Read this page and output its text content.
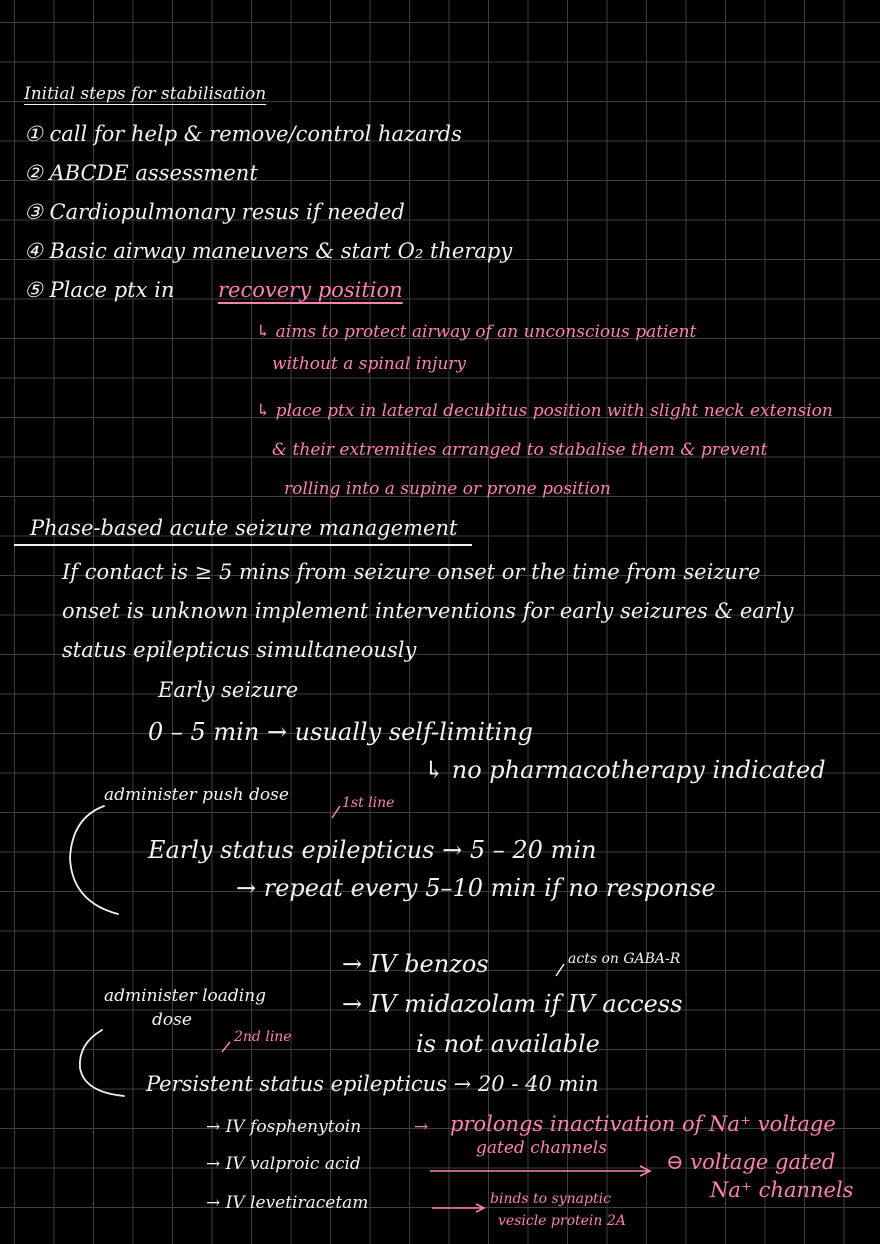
Initial steps for stabilisation
① call for help & remove/control hazards
② ABCDE assessment
③ Cardiopulmonary resus if needed
④ Basic airway maneuvers & start O₂ therapy
⑤ Place ptx in recovery position
↳ aims to protect airway of an unconscious patient
without a spinal injury
↳ place ptx in lateral decubitus position with slight neck extension
& their extremities arranged to stabalise them & prevent
rolling into a supine or prone position
Phase-based acute seizure management
If contact is ≥ 5 mins from seizure onset or the time from seizure
onset is unknown implement interventions for early seizures & early
status epilepticus simultaneously
Early seizure
0 – 5 min → usually self-limiting
↳ no pharmacotherapy indicated
administer push dose	1st line
Early status epilepticus → 5 – 20 min
→ repeat every 5–10 min if no response
→ IV benzos	acts on GABA-R
→ IV midazolam if IV access
is not available
administer loading
dose
2nd line
Persistent status epilepticus → 20 - 40 min
→ IV fosphenytoin	→ prolongs inactivation of Na⁺ voltage
gated channels
→ IV valproic acid	⊖ voltage gated
Na⁺ channels
→ IV levetiracetam	binds to synaptic
vesicle protein 2A
